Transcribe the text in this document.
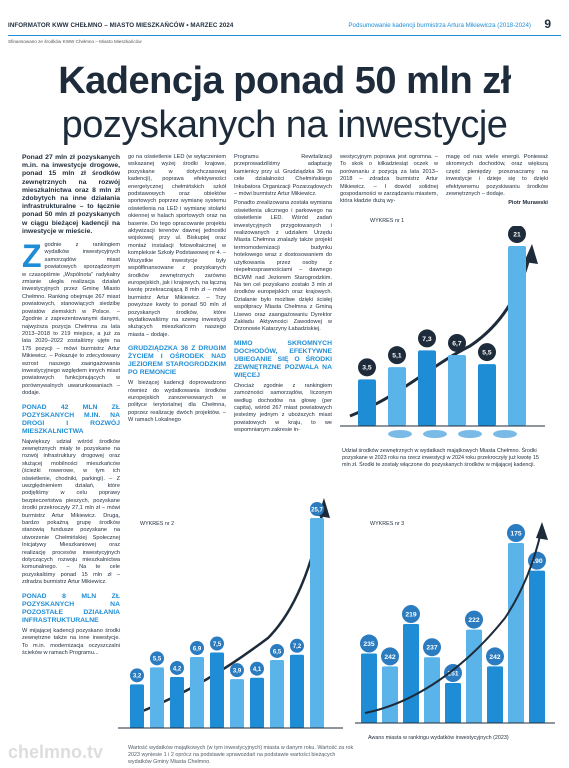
INFORMATOR KWW CHEŁMNO – MIASTO MIESZKAŃCÓW • MARZEC 2024	Podsumowanie kadencji burmistrza Artura Mikiewicza (2018-2024) 9
Sfinansowano ze środków KWW Chełmno – Miasto Mieszkańców
Kadencja ponad 50 mln zł
pozyskanych na inwestycje

Ponad 27 mln zł pozyskanych m.in. na inwestycje drogowe, ponad 15 mln zł środków zewnętrznych na rozwój mieszkalnictwa oraz 8 mln zł zdobytych na inne działania infrastrukturalne – to łącznie ponad 50 mln zł pozyskanych w ciągu bieżącej kadencji na inwestycje w mieście.

Zgodnie z rankingiem wydatków inwestycyjnych samorządów miast powiatowych sporządzonym w czasopiśmie „Wspólnota” radykalny zmianie uległa realizacja działań inwestycyjnych przez Gminę Miasto Chełmno. Ranking obejmuje 267 miast powiatowych, stanowiących siedzibę powiatów ziemskich w Polsce. – Zgodnie z zaprezentowanymi danymi, najwyższa pozycja Chełmna za lata 2013–2018 to 219 miejsce, a już za lata 2020–2022 zostaliśmy ujęte na 175 pozycji – mówi burmistrz Artur Mikiewicz. – Pokazuje to zdecydowany wzrost naszego zaangażowania inwestycyjnego względem innych miast powiatowych funkcjonujących w porównywalnych uwarunkowaniach – dodaje.

PONAD 42 MLN ZŁ POZYSKANYCH M.IN. NA DROGI I ROZWÓJ MIESZKALNICTWA

Największy udział wśród środków zewnętrznych miały te pozyskane na rozwój infrastruktury drogowej oraz służącej mobilności mieszkańców (ścieżki rowerowe, w tym ich oświetlenie, chodniki, parkingi). – Z uwzględnieniem działań, które podjęliśmy w celu poprawy bezpieczeństwa pieszych, pozyskane środki przekroczyły 27,1 mln zł – mówi burmistrz Artur Mikiewicz. Drugą, bardzo pokaźną grupę środków stanowią fundusze pozyskane na utworzenie Chełmińskiej Społecznej Inicjatywy Mieszkaniowej oraz realizację procesów inwestycyjnych dotyczących rozwoju mieszkalnictwa komunalnego. – Na te cele pozyskaliśmy ponad 15 mln zł – zdradza burmistrz Artur Mikiewicz.

PONAD 8 MLN ZŁ POZYSKANYCH NA POZOSTAŁE DZIAŁANIA INFRASTRUKTURALNE

W mijającej kadencji pozyskano środki zewnętrzne także na inne inwestycje. To m.in. modernizacja oczyszczalni ścieków w ramach Programu...

go na oświetlenie LED (w wyłączeniem wskazanej wyżej środki krajowe, pozyskane w dotychczasowej kadencji), poprawa efektywności energetycznej chełmińskich szkół podstawowych oraz obiektów sportowych poprzez wymianę systemu oświetlenia na LED i wymianę stolarki okiennej w halach sportowych oraz na basenie. Do tego opracowanie projektu aktywizacji terenów dawnej jednostki wojskowej przy ul. Biskupiej oraz montaż instalacji fotowoltaicznej w kompleksie Szkoły Podstawowej nr 4. – Wszystkie inwestycje były współfinansowane z pozyskanych środków zewnętrznych zarówno europejskich, jak i krajowych, na łączną kwotę przekraczającą 8 mln zł – mówi burmistrz Artur Mikiewicz. – Trzy powyższe kwoty to ponad 50 mln zł pozyskanych środków, które wydatkowaliśmy na szereg inwestycji służących mieszkańcom naszego miasta – dodaje.

GRUDZIĄDZKA 36 Z DRUGIM ŻYCIEM I OŚRODEK NAD JEZIOREM STAROGRODZKIM PO REMONCIE

W bieżącej kadencji doprowadzono również do wydatkowania środków europejskich zarezerwowanych w polityce terytorialnej dla Chełmna, poprzez realizację dwóch projektów. – W ramach Lokalnego

Programu Rewitalizacji przeprowadziliśmy adaptację kamienicy przy ul. Grudziądzka 36 na cele działalności Chełmińskiego Inkubatora Organizacji Pozarządowych – mówi burmistrz Artur Mikiewicz.

Ponadto zrealizowana została wymiana oświetlenia ulicznego i parkowego na oświetlenie LED. Wśród zadań inwestycyjnych przygotowanych i realizowanych z udziałem Urzędu Miasta Chełmna znalazły także projekt termomodernizacji budynku hotelowego wraz z dostosowaniem do użytkowania przez osoby z niepełnosprawnościami – dawnego BCWM nad Jeziorem Starogrodzkim. Na ten cel pozyskano zostało 3 mln zł środków europejskich oraz krajowych. Działanie było możliwe dzięki ścisłej współpracy Miasta Chełmna z Gminą Lisewo oraz zaangażowaniu Dyrektor Zakładu Aktywności Zawodowej w Drzonowie Katarzyny Łabadziskiej.

MIMO SKROMNYCH DOCHODÓW, EFEKTYWNE UBIEGANIE SIĘ O ŚRODKI ZEWNĘTRZNE POZWALA NA WIĘCEJ

Chociaż zgodnie z rankingiem zamożności samorządów, liczonym według dochodów na głowę (per capita), wśród 267 miast powiatowych jesteśmy jednym z uboższych miast powiatowych w kraju, to we wspomnianym zakresie in-

westycyjnym poprawa jest ogromna. – To skok o kilkadziesiąt oczek w porównaniu z pozycją za lata 2013–2018 – zdradza burmistrz Artur Mikiewicz. – I dowód solidnej gospodarności w zarządzaniu miastem, która kładzie dużą wy-

magę od nas wiele energii. Ponieważ skromnych dochodów, oraz większą część pieniędzy przeznaczamy na inwestycje i dzieje się to dzięki efektywnemu pozyskiwaniu środków zewnętrznych – dodaje.

Piotr Murawski

WYKRES nr 1
3,5
5,1
7,3
6,7
5,5
21
Udział środków zewnętrznych w wydatkach majątkowych Miasta Chełmno. Środki pozyskane w 2023 roku na rzecz inwestycji w 2024 roku przekroczyły już kwotę 15 mln zł. Środki te zostały włączone do pozyskanych środków w mijającej kadencji.
WYKRES nr 2
3,2
5,5
4,2
6,9
7,5
3,9 4,1
6,5
7,2
25,7
Wartość wydatków majątkowych (w tym inwestycyjnych) miasta w danym roku. Wartość za rok 2023 wyniesie 1 i 2 oprócz na podstawie sprawozdań na podstawie wartości bieżących wydatków Gminy Miasta Chełmno.
WYKRES nr 3
235
242
219
237
251
222
242
175
190
Awans miasta w rankingu wydatków inwestycyjnych (2023)
chelmno.tv
